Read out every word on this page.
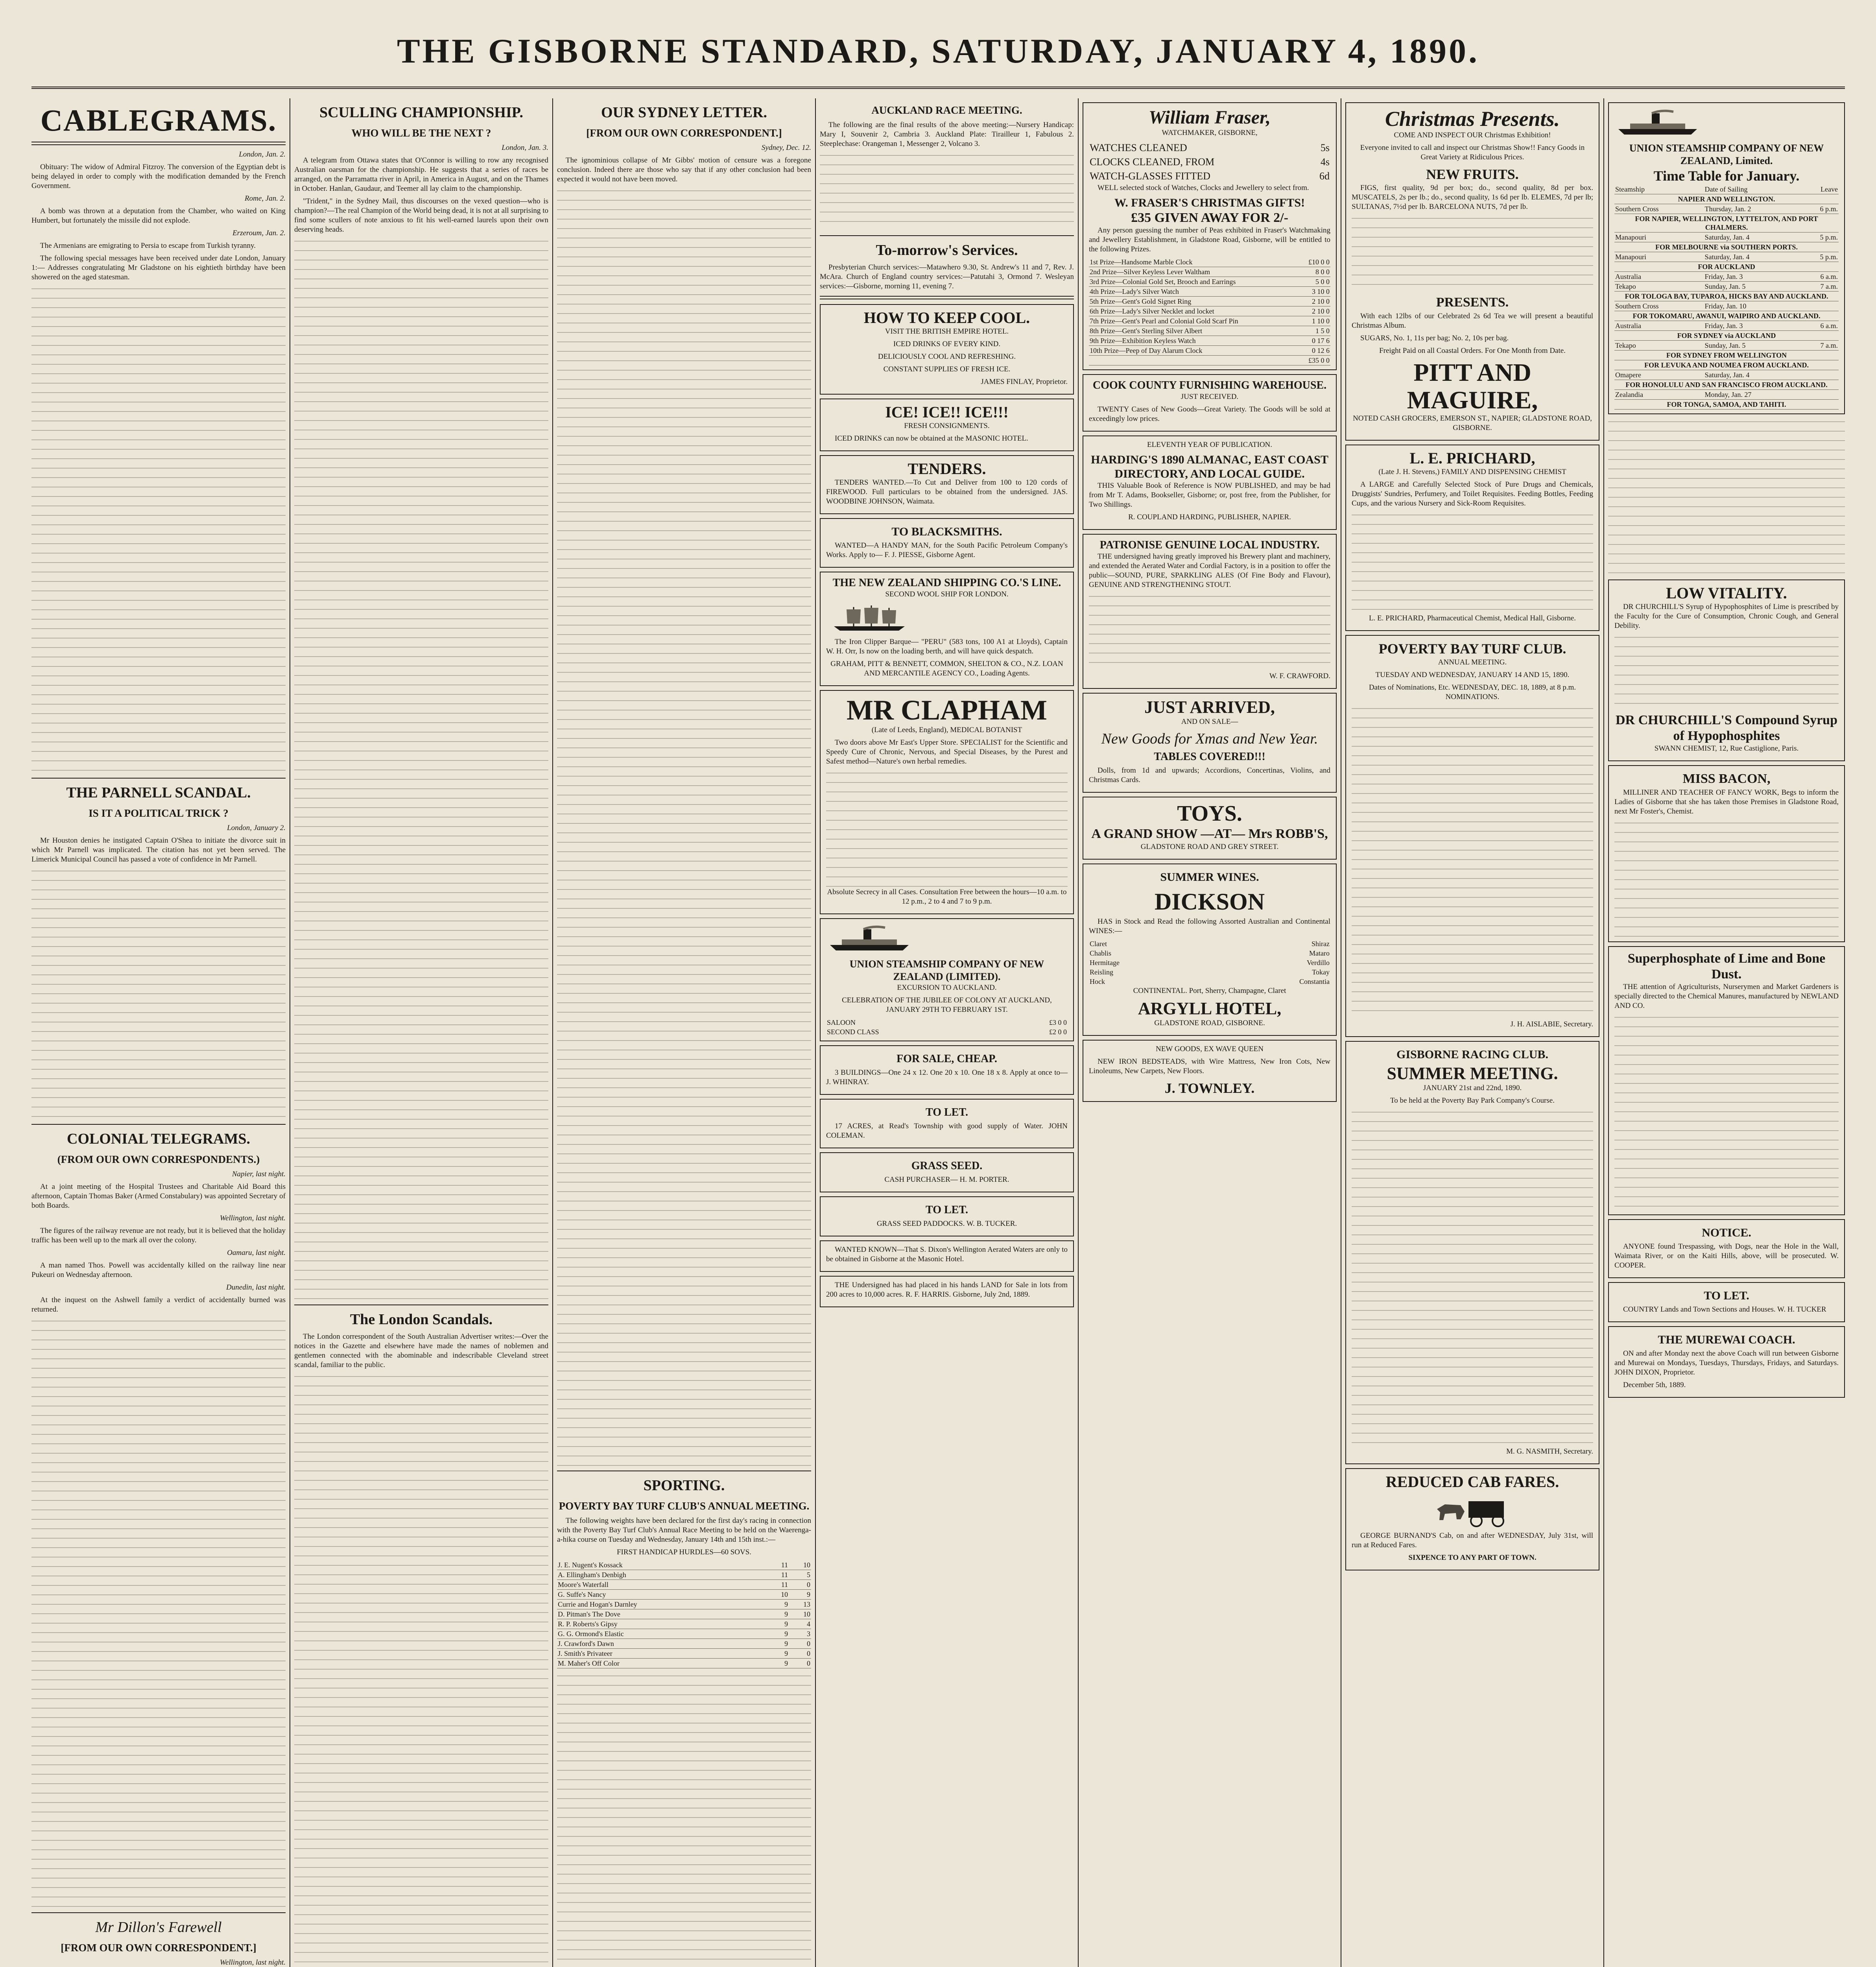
THE GISBORNE STANDARD, SATURDAY, JANUARY 4, 1890.
CABLEGRAMS.

London, Jan. 2.

Obituary: The widow of Admiral Fitzroy. The conversion of the Egyptian debt is being delayed in order to comply with the modification demanded by the French Government.

Rome, Jan. 2.

A bomb was thrown at a deputation from the Chamber, who waited on King Humbert, but fortunately the missile did not explode.

Erzeroum, Jan. 2.

The Armenians are emigrating to Persia to escape from Turkish tyranny.

The following special messages have been received under date London, January 1:— Addresses congratulating Mr Gladstone on his eightieth birthday have been showered on the aged statesman.

THE PARNELL SCANDAL.
IS IT A POLITICAL TRICK ?

London, January 2.

Mr Houston denies he instigated Captain O'Shea to initiate the divorce suit in which Mr Parnell was implicated. The citation has not yet been served. The Limerick Municipal Council has passed a vote of confidence in Mr Parnell.

COLONIAL TELEGRAMS.
(FROM OUR OWN CORRESPONDENTS.)

Napier, last night.

At a joint meeting of the Hospital Trustees and Charitable Aid Board this afternoon, Captain Thomas Baker (Armed Constabulary) was appointed Secretary of both Boards.

Wellington, last night.

The figures of the railway revenue are not ready, but it is believed that the holiday traffic has been well up to the mark all over the colony.

Oamaru, last night.

A man named Thos. Powell was accidentally killed on the railway line near Pukeuri on Wednesday afternoon.

Dunedin, last night.

At the inquest on the Ashwell family a verdict of accidentally burned was returned.

Mr Dillon's Farewell
[FROM OUR OWN CORRESPONDENT.]

Wellington, last night.

SCULLING CHAMPIONSHIP.
WHO WILL BE THE NEXT ?

London, Jan. 3.

A telegram from Ottawa states that O'Connor is willing to row any recognised Australian oarsman for the championship. He suggests that a series of races be arranged, on the Parramatta river in April, in America in August, and on the Thames in October. Hanlan, Gaudaur, and Teemer all lay claim to the championship.

"Trident," in the Sydney Mail, thus discourses on the vexed question—who is champion?—The real Champion of the World being dead, it is not at all surprising to find some scullers of note anxious to fit his well-earned laurels upon their own deserving heads.

The London Scandals.

The London correspondent of the South Australian Advertiser writes:—Over the notices in the Gazette and elsewhere have made the names of noblemen and gentlemen connected with the abominable and indescribable Cleveland street scandal, familiar to the public.

OUR SYDNEY LETTER.
[FROM OUR OWN CORRESPONDENT.]

Sydney, Dec. 12.

The ignominious collapse of Mr Gibbs' motion of censure was a foregone conclusion. Indeed there are those who say that if any other conclusion had been expected it would not have been moved.

SPORTING.
POVERTY BAY TURF CLUB'S ANNUAL MEETING.

The following weights have been declared for the first day's racing in connection with the Poverty Bay Turf Club's Annual Race Meeting to be held on the Waerenga-a-hika course on Tuesday and Wednesday, January 14th and 15th inst.:—

FIRST HANDICAP HURDLES—60 SOVS.

J. E. Nugent's Kossack	11	10
A. Ellingham's Denbigh	11	5
Moore's Waterfall	11	0
G. Suffe's Nancy	10	9
Currie and Hogan's Darnley	9	13
D. Pitman's The Dove	9	10
R. P. Roberts's Gipsy	9	4
G. G. Ormond's Elastic	9	3
J. Crawford's Dawn	9	0
J. Smith's Privateer	9	0
M. Maher's Off Color	9	0

AUCKLAND RACE MEETING.

The following are the final results of the above meeting:—Nursery Handicap: Mary I, Souvenir 2, Cambria 3. Auckland Plate: Tirailleur 1, Fabulous 2. Steeplechase: Orangeman 1, Messenger 2, Volcano 3.

To-morrow's Services.

Presbyterian Church services:—Matawhero 9.30, St. Andrew's 11 and 7, Rev. J. McAra. Church of England country services:—Patutahi 3, Ormond 7. Wesleyan services:—Gisborne, morning 11, evening 7.

HOW TO KEEP COOL.

VISIT THE BRITISH EMPIRE HOTEL.

ICED DRINKS OF EVERY KIND.

DELICIOUSLY COOL AND REFRESHING.

CONSTANT SUPPLIES OF FRESH ICE.

JAMES FINLAY, Proprietor.

ICE! ICE!! ICE!!!

FRESH CONSIGNMENTS.

ICED DRINKS can now be obtained at the MASONIC HOTEL.

TENDERS.

TENDERS WANTED.—To Cut and Deliver from 100 to 120 cords of FIREWOOD. Full particulars to be obtained from the undersigned. JAS. WOODBINE JOHNSON, Waimata.

TO BLACKSMITHS.

WANTED—A HANDY MAN, for the South Pacific Petroleum Company's Works. Apply to— F. J. PIESSE, Gisborne Agent.

THE NEW ZEALAND SHIPPING CO.'S LINE.

SECOND WOOL SHIP FOR LONDON.

The Iron Clipper Barque— "PERU" (583 tons, 100 A1 at Lloyds), Captain W. H. Orr, Is now on the loading berth, and will have quick despatch.

GRAHAM, PITT & BENNETT, COMMON, SHELTON & CO., N.Z. LOAN AND MERCANTILE AGENCY CO., Loading Agents.

MR CLAPHAM

(Late of Leeds, England), MEDICAL BOTANIST

Two doors above Mr East's Upper Store. SPECIALIST for the Scientific and Speedy Cure of Chronic, Nervous, and Special Diseases, by the Purest and Safest method—Nature's own herbal remedies.

Absolute Secrecy in all Cases. Consultation Free between the hours—10 a.m. to 12 p.m., 2 to 4 and 7 to 9 p.m.

UNION STEAMSHIP COMPANY OF NEW ZEALAND (LIMITED).

EXCURSION TO AUCKLAND.

CELEBRATION OF THE JUBILEE OF COLONY AT AUCKLAND, JANUARY 29TH TO FEBRUARY 1ST.

SALOON	£3 0 0
SECOND CLASS	£2 0 0
FOR SALE, CHEAP.

3 BUILDINGS—One 24 x 12. One 20 x 10. One 18 x 8. Apply at once to— J. WHINRAY.

TO LET.

17 ACRES, at Read's Township with good supply of Water. JOHN COLEMAN.

GRASS SEED.

CASH PURCHASER— H. M. PORTER.

TO LET.

GRASS SEED PADDOCKS. W. B. TUCKER.

WANTED KNOWN—That S. Dixon's Wellington Aerated Waters are only to be obtained in Gisborne at the Masonic Hotel.

THE Undersigned has had placed in his hands LAND for Sale in lots from 200 acres to 10,000 acres. R. F. HARRIS. Gisborne, July 2nd, 1889.

William Fraser,

WATCHMAKER, GISBORNE,

WATCHES CLEANED	5s
CLOCKS CLEANED, FROM	4s
WATCH-GLASSES FITTED	6d

WELL selected stock of Watches, Clocks and Jewellery to select from.

W. FRASER'S CHRISTMAS GIFTS!
£35 GIVEN AWAY FOR 2/-

Any person guessing the number of Peas exhibited in Fraser's Watchmaking and Jewellery Establishment, in Gladstone Road, Gisborne, will be entitled to the following Prizes.

1st Prize—Handsome Marble Clock	£10 0 0
2nd Prize—Silver Keyless Lever Waltham	8 0 0
3rd Prize—Colonial Gold Set, Brooch and Earrings	5 0 0
4th Prize—Lady's Silver Watch	3 10 0
5th Prize—Gent's Gold Signet Ring	2 10 0
6th Prize—Lady's Silver Necklet and locket	2 10 0
7th Prize—Gent's Pearl and Colonial Gold Scarf Pin	1 10 0
8th Prize—Gent's Sterling Silver Albert	1 5 0
9th Prize—Exhibition Keyless Watch	0 17 6
10th Prize—Peep of Day Alarum Clock	0 12 6
	£35 0 0
COOK COUNTY FURNISHING WAREHOUSE.

JUST RECEIVED.

TWENTY Cases of New Goods—Great Variety. The Goods will be sold at exceedingly low prices.

ELEVENTH YEAR OF PUBLICATION.

HARDING'S 1890 ALMANAC, EAST COAST DIRECTORY, AND LOCAL GUIDE.

THIS Valuable Book of Reference is NOW PUBLISHED, and may be had from Mr T. Adams, Bookseller, Gisborne; or, post free, from the Publisher, for Two Shillings.

R. COUPLAND HARDING, PUBLISHER, NAPIER.

PATRONISE GENUINE LOCAL INDUSTRY.

THE undersigned having greatly improved his Brewery plant and machinery, and extended the Aerated Water and Cordial Factory, is in a position to offer the public—SOUND, PURE, SPARKLING ALES (Of Fine Body and Flavour), GENUINE AND STRENGTHENING STOUT.

W. F. CRAWFORD.

JUST ARRIVED,

AND ON SALE—

New Goods for Xmas and New Year.
TABLES COVERED!!!

Dolls, from 1d and upwards; Accordions, Concertinas, Violins, and Christmas Cards.

TOYS.
A GRAND SHOW —AT— Mrs ROBB'S,

GLADSTONE ROAD AND GREY STREET.

SUMMER WINES.
DICKSON

HAS in Stock and Read the following Assorted Australian and Continental WINES:—

Claret	Shiraz
Chablis	Mataro
Hermitage	Verdillo
Reisling	Tokay
Hock	Constantia

CONTINENTAL. Port, Sherry, Champagne, Claret

ARGYLL HOTEL,

GLADSTONE ROAD, GISBORNE.

NEW GOODS, EX WAVE QUEEN

NEW IRON BEDSTEADS, with Wire Mattress, New Iron Cots, New Linoleums, New Carpets, New Floors.

J. TOWNLEY.
Christmas Presents.

COME AND INSPECT OUR Christmas Exhibition!

Everyone invited to call and inspect our Christmas Show!! Fancy Goods in Great Variety at Ridiculous Prices.

NEW FRUITS.

FIGS, first quality, 9d per box; do., second quality, 8d per box. MUSCATELS, 2s per lb.; do., second quality, 1s 6d per lb. ELEMES, 7d per lb; SULTANAS, 7½d per lb. BARCELONA NUTS, 7d per lb.

PRESENTS.

With each 12lbs of our Celebrated 2s 6d Tea we will present a beautiful Christmas Album.

SUGARS, No. 1, 11s per bag; No. 2, 10s per bag.

Freight Paid on all Coastal Orders. For One Month from Date.

PITT AND MAGUIRE,

NOTED CASH GROCERS, EMERSON ST., NAPIER; GLADSTONE ROAD, GISBORNE.

L. E. PRICHARD,

(Late J. H. Stevens,) FAMILY AND DISPENSING CHEMIST

A LARGE and Carefully Selected Stock of Pure Drugs and Chemicals, Druggists' Sundries, Perfumery, and Toilet Requisites. Feeding Bottles, Feeding Cups, and the various Nursery and Sick-Room Requisites.

L. E. PRICHARD, Pharmaceutical Chemist, Medical Hall, Gisborne.

POVERTY BAY TURF CLUB.

ANNUAL MEETING.

TUESDAY AND WEDNESDAY, JANUARY 14 AND 15, 1890.

Dates of Nominations, Etc. WEDNESDAY, DEC. 18, 1889, at 8 p.m. NOMINATIONS.

J. H. AISLABIE, Secretary.

GISBORNE RACING CLUB.
SUMMER MEETING.

JANUARY 21st and 22nd, 1890.

To be held at the Poverty Bay Park Company's Course.

M. G. NASMITH, Secretary.

REDUCED CAB FARES.

GEORGE BURNAND'S Cab, on and after WEDNESDAY, July 31st, will run at Reduced Fares.

SIXPENCE TO ANY PART OF TOWN.

UNION STEAMSHIP COMPANY OF NEW ZEALAND, Limited.
Time Table for January.
Steamship	Date of Sailing	Leave
NAPIER AND WELLINGTON.		
Southern Cross	Thursday, Jan. 2	6 p.m.
FOR NAPIER, WELLINGTON, LYTTELTON, AND PORT CHALMERS.		
Manapouri	Saturday, Jan. 4	5 p.m.
FOR MELBOURNE via SOUTHERN PORTS.		
Manapouri	Saturday, Jan. 4	5 p.m.
FOR AUCKLAND		
Australia	Friday, Jan. 3	6 a.m.
Tekapo	Sunday, Jan. 5	7 a.m.
FOR TOLOGA BAY, TUPAROA, HICKS BAY AND AUCKLAND.		
Southern Cross	Friday, Jan. 10	
FOR TOKOMARU, AWANUI, WAIPIRO AND AUCKLAND.		
Australia	Friday, Jan. 3	6 a.m.
FOR SYDNEY via AUCKLAND		
Tekapo	Sunday, Jan. 5	7 a.m.
FOR SYDNEY FROM WELLINGTON		
FOR LEVUKA AND NOUMEA FROM AUCKLAND.		
Omapere	Saturday, Jan. 4	
FOR HONOLULU AND SAN FRANCISCO FROM AUCKLAND.		
Zealandia	Monday, Jan. 27	
FOR TONGA, SAMOA, AND TAHITI.		
LOW VITALITY.

DR CHURCHILL'S Syrup of Hypophosphites of Lime is prescribed by the Faculty for the Cure of Consumption, Chronic Cough, and General Debility.

DR CHURCHILL'S Compound Syrup of Hypophosphites

SWANN CHEMIST, 12, Rue Castiglione, Paris.

MISS BACON,

MILLINER AND TEACHER OF FANCY WORK, Begs to inform the Ladies of Gisborne that she has taken those Premises in Gladstone Road, next Mr Foster's, Chemist.

Superphosphate of Lime and Bone Dust.

THE attention of Agriculturists, Nurserymen and Market Gardeners is specially directed to the Chemical Manures, manufactured by NEWLAND AND CO.

NOTICE.

ANYONE found Trespassing, with Dogs, near the Hole in the Wall, Waimata River, or on the Kaiti Hills, above, will be prosecuted. W. COOPER.

TO LET.

COUNTRY Lands and Town Sections and Houses. W. H. TUCKER

THE MUREWAI COACH.

ON and after Monday next the above Coach will run between Gisborne and Murewai on Mondays, Tuesdays, Thursdays, Fridays, and Saturdays. JOHN DIXON, Proprietor.

December 5th, 1889.
